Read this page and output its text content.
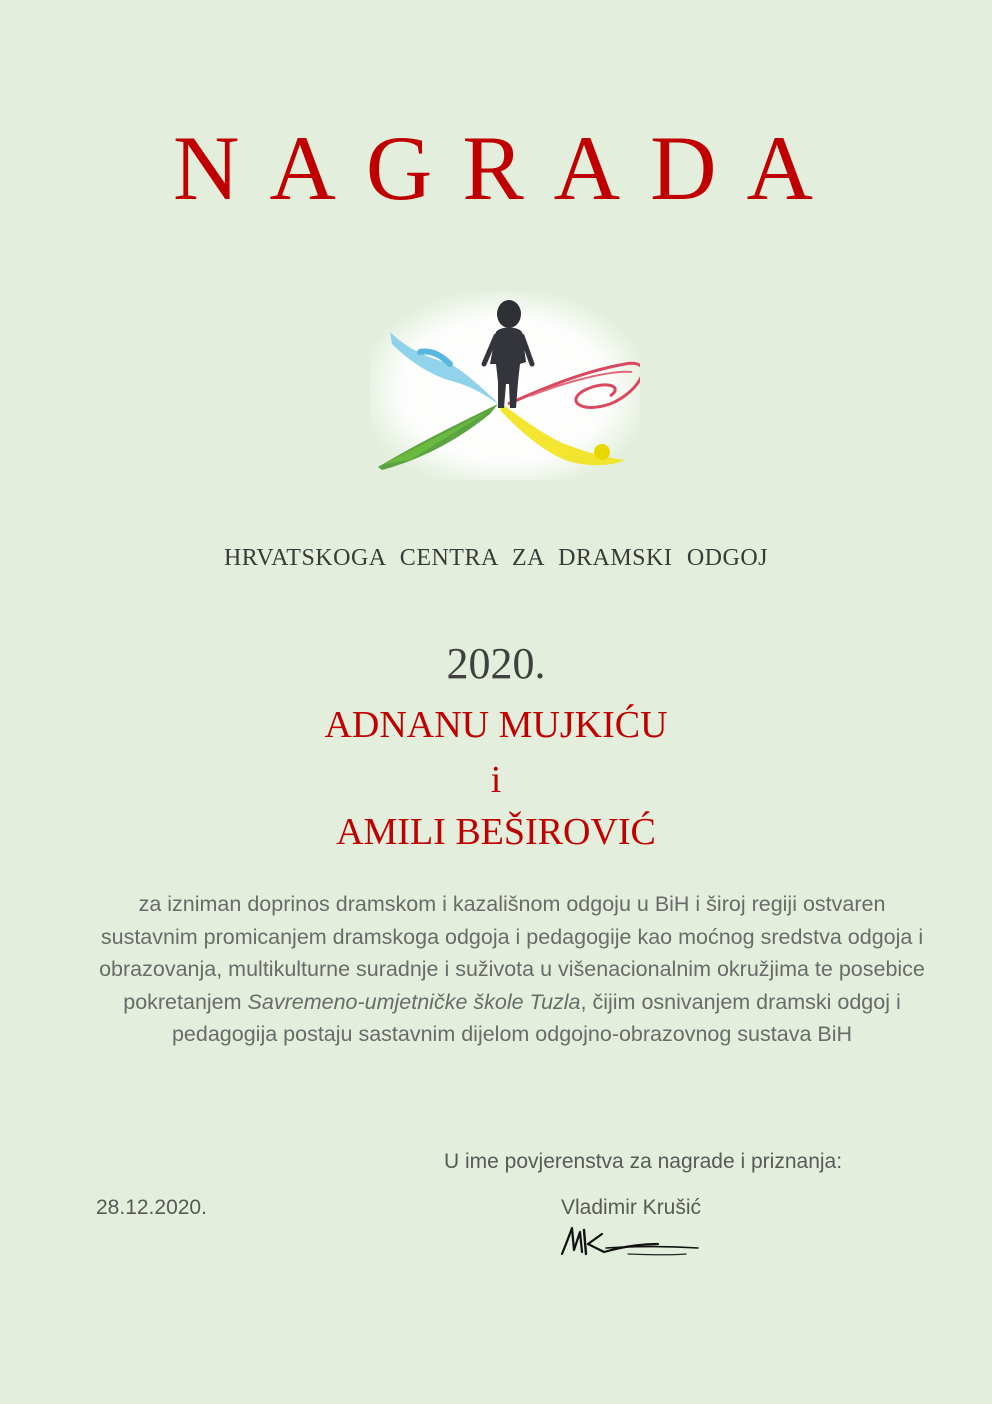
NAGRADA
HRVATSKOGA CENTRA ZA DRAMSKI ODGOJ
2020.
ADNANU MUJKIĆU
i
AMILI BEŠIROVIĆ
za izniman doprinos dramskom i kazališnom odgoju u BiH i široj regiji ostvaren sustavnim promicanjem dramskoga odgoja i pedagogije kao moćnog sredstva odgoja i obrazovanja, multikulturne suradnje i suživota u višenacionalnim okružjima te posebice pokretanjem Savremeno-umjetničke škole Tuzla, čijim osnivanjem dramski odgoj i pedagogija postaju sastavnim dijelom odgojno-obrazovnog sustava BiH
U ime povjerenstva za nagrade i priznanja:
28.12.2020.	Vladimir Krušić
